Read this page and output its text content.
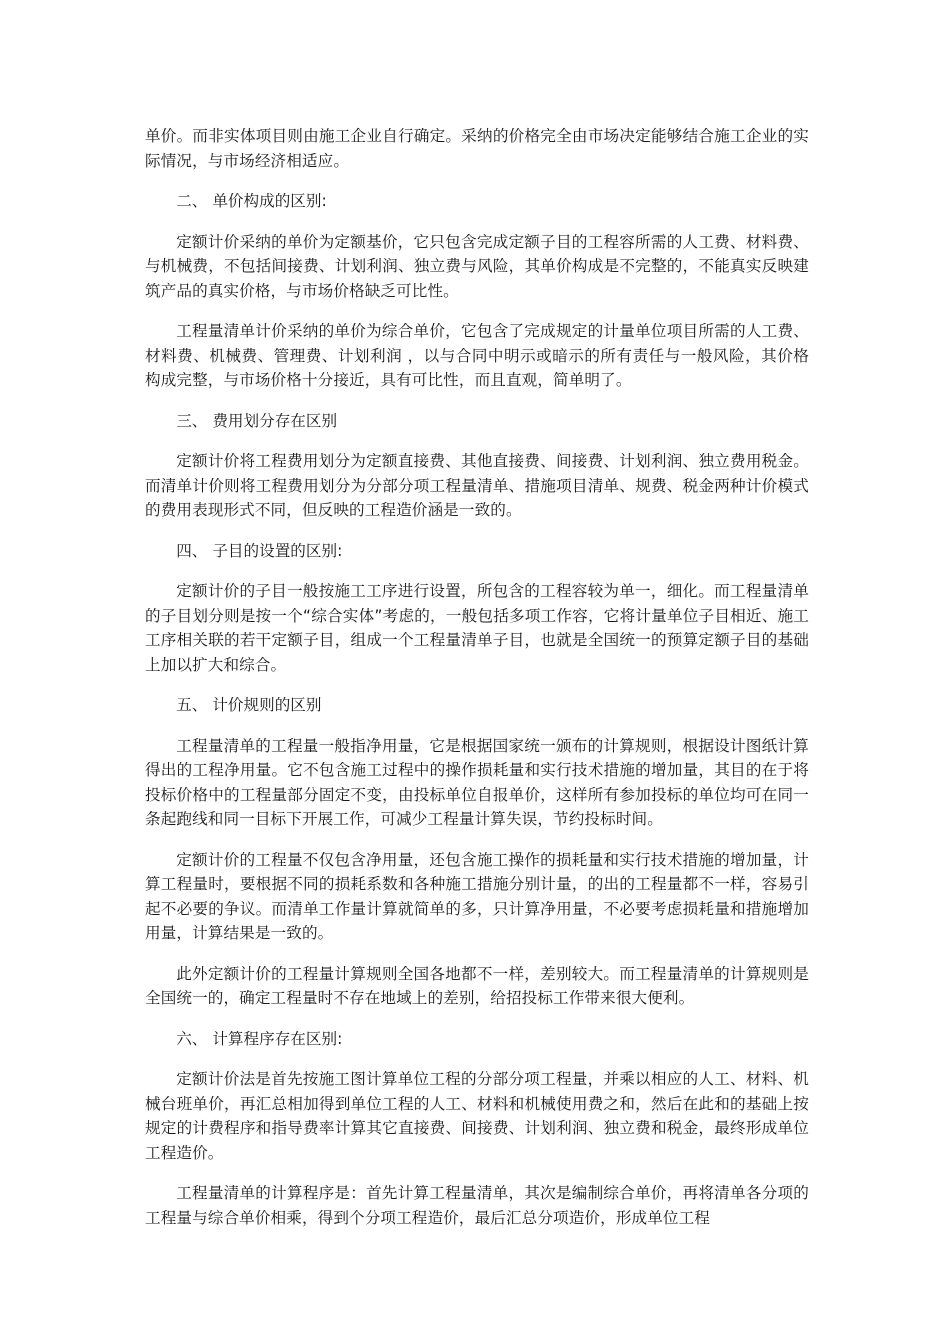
单价。而非实体项目则由施工企业自行确定。采纳的价格完全由市场决定能够结合施工企业的实际情况，与市场经济相适应。

二、 单价构成的区别:

定额计价采纳的单价为定额基价，它只包含完成定额子目的工程容所需的人工费、材料费、与机械费，不包括间接费、计划利润、独立费与风险，其单价构成是不完整的，不能真实反映建筑产品的真实价格，与市场价格缺乏可比性。

工程量清单计价采纳的单价为综合单价，它包含了完成规定的计量单位项目所需的人工费、材料费、机械费、管理费、计划利润 ，以与合同中明示或暗示的所有责任与一般风险，其价格构成完整，与市场价格十分接近，具有可比性，而且直观，简单明了。

三、 费用划分存在区别

定额计价将工程费用划分为定额直接费、其他直接费、间接费、计划利润、独立费用税金。而清单计价则将工程费用划分为分部分项工程量清单、措施项目清单、规费、税金两种计价模式的费用表现形式不同，但反映的工程造价涵是一致的。

四、 子目的设置的区别:

定额计价的子目一般按施工工序进行设置，所包含的工程容较为单一，细化。而工程量清单的子目划分则是按一个“综合实体”考虑的，一般包括多项工作容，它将计量单位子目相近、施工工序相关联的若干定额子目，组成一个工程量清单子目，也就是全国统一的预算定额子目的基础上加以扩大和综合。

五、 计价规则的区别

工程量清单的工程量一般指净用量，它是根据国家统一颁布的计算规则，根据设计图纸计算得出的工程净用量。它不包含施工过程中的操作损耗量和实行技术措施的增加量，其目的在于将投标价格中的工程量部分固定不变，由投标单位自报单价，这样所有参加投标的单位均可在同一条起跑线和同一目标下开展工作，可减少工程量计算失误，节约投标时间。

定额计价的工程量不仅包含净用量，还包含施工操作的损耗量和实行技术措施的增加量，计算工程量时，要根据不同的损耗系数和各种施工措施分别计量，的出的工程量都不一样，容易引起不必要的争议。而清单工作量计算就简单的多，只计算净用量，不必要考虑损耗量和措施增加用量，计算结果是一致的。

此外定额计价的工程量计算规则全国各地都不一样，差别较大。而工程量清单的计算规则是全国统一的，确定工程量时不存在地域上的差别，给招投标工作带来很大便利。

六、 计算程序存在区别:

定额计价法是首先按施工图计算单位工程的分部分项工程量，并乘以相应的人工、材料、机械台班单价，再汇总相加得到单位工程的人工、材料和机械使用费之和，然后在此和的基础上按规定的计费程序和指导费率计算其它直接费、间接费、计划利润、独立费和税金，最终形成单位工程造价。

工程量清单的计算程序是：首先计算工程量清单，其次是编制综合单价，再将清单各分项的工程量与综合单价相乘，得到个分项工程造价，最后汇总分项造价，形成单位工程
